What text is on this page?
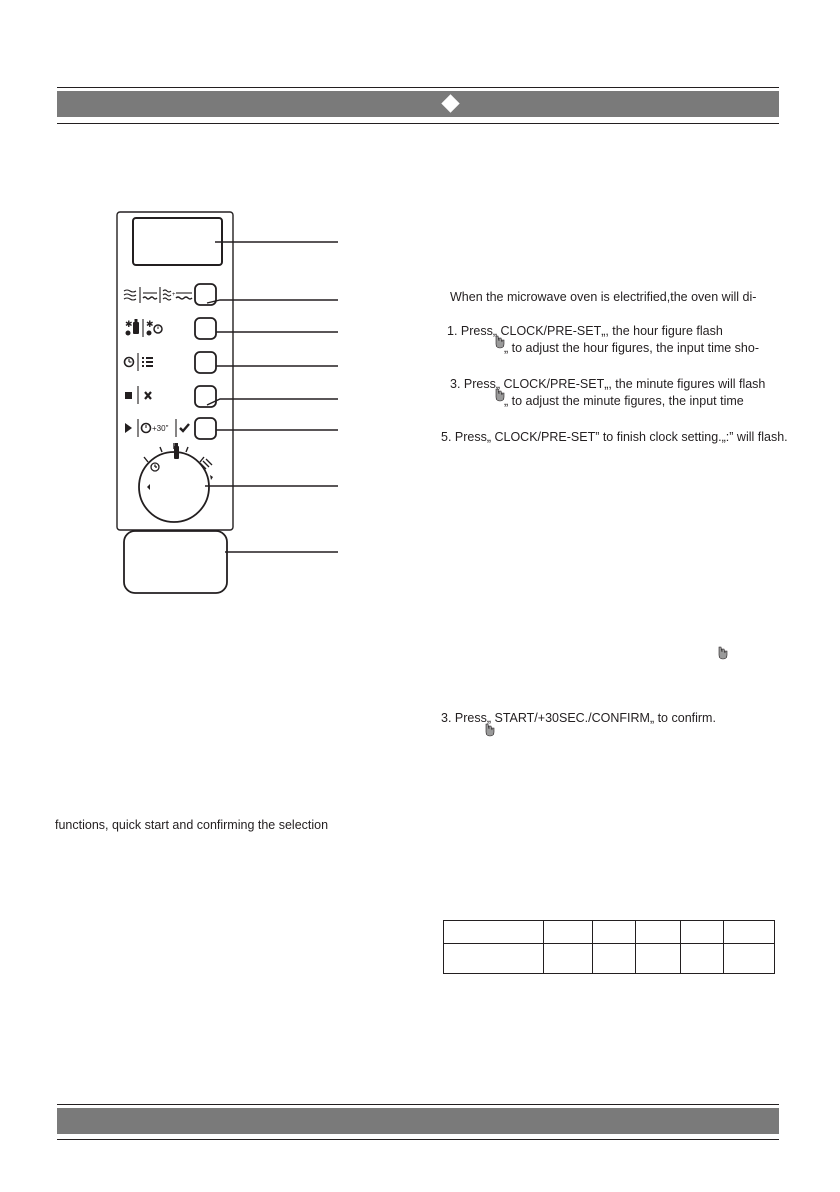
+
✱ ✱
+30"
When the microwave oven is electrified,the oven will di-
1. Press„ CLOCK/PRE-SET„, the hour figure flash
„ to adjust the hour figures, the input time sho-
3. Press„ CLOCK/PRE-SET„, the minute figures will flash
„ to adjust the minute figures, the input time
5. Press„ CLOCK/PRE-SET” to finish clock setting.„:” will flash.
3. Press„ START/+30SEC./CONFIRM„ to confirm.
functions, quick start and confirming the selection
